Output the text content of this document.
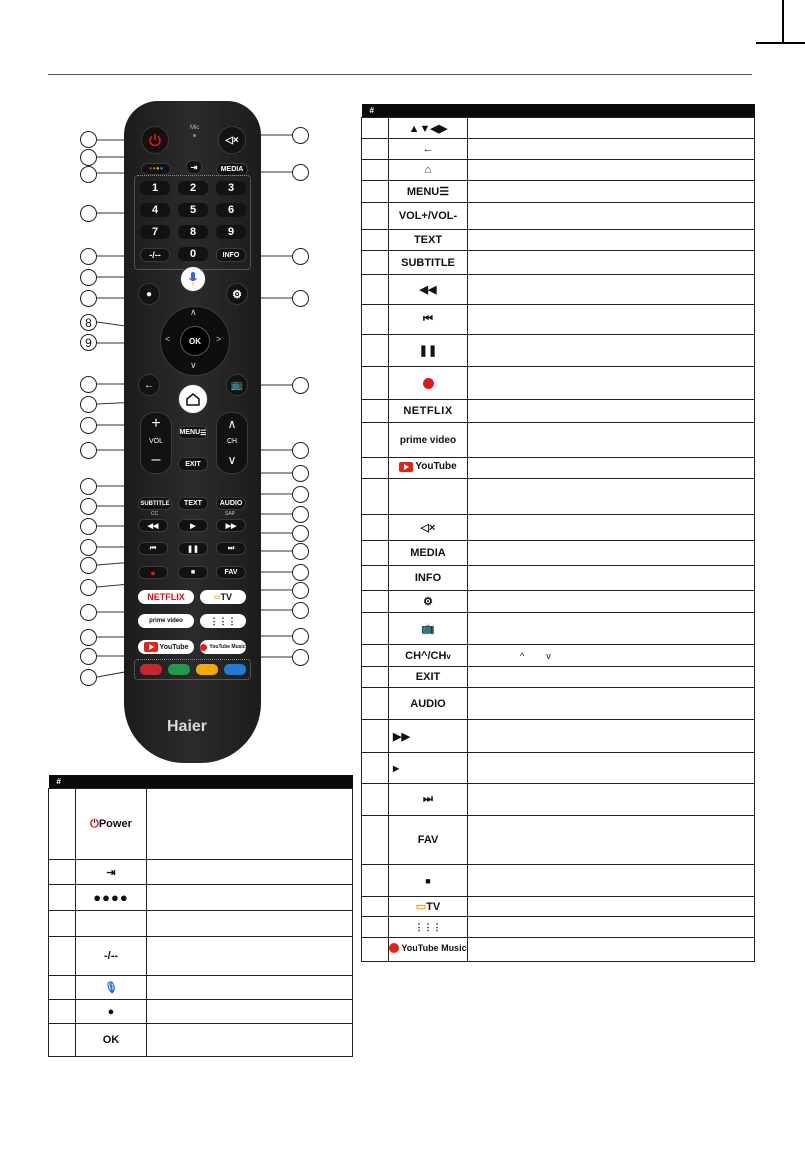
Mic
◁×
⇥
●●●●	MEDIA
1	2	3
4	5	6
7	8	9
0
-/--	INFO
●	⚙
∧
∨
<	>
OK
←	📺
+
VOL
–
MENU ☰
∧
CH
∨
EXIT
SUBTITLE	TEXT	AUDIO
CC	SAP
◀◀	▶	▶▶
⏮	❚❚	⏭
●	■	FAV
NETFLIX	▭ TV
prime video	⋮⋮⋮
YouTube	YouTube Music
Haier
8
9
#		
	⏻Power	
	⇥	
	●●●●	

	-/--	
	🎙	
	●	
	OK	
#		
	▲▼◀▶	
	←	
	⌂	
	MENU☰	
	VOL+/VOL-	
	TEXT	
	SUBTITLE	
	◀◀	
	⏮	
	❚❚	

	NETFLIX	
	prime video	

	YouTube	

	◁×	
	MEDIA	
	INFO	
	⚙	
	📺	
	CH^/CHv	^ v
	EXIT	
	AUDIO	
	▶▶	
	▶	
	⏭	
	FAV	
	■	
	▭TV	
	⋮⋮⋮	

	YouTube Music	
